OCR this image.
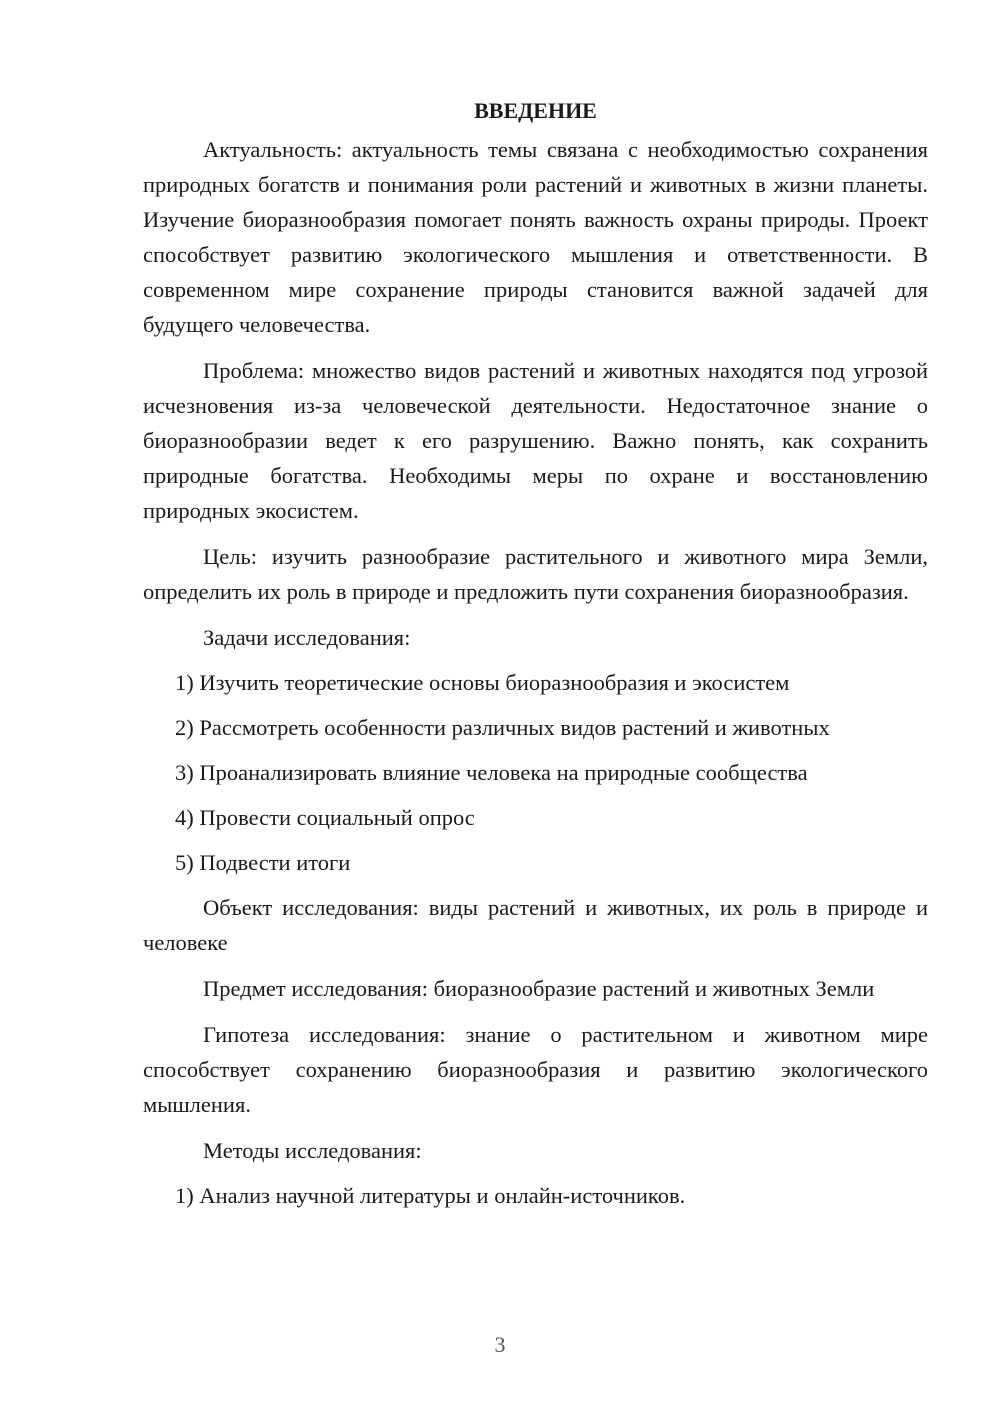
ВВЕДЕНИЕ

Актуальность: актуальность темы связана с необходимостью сохранения природных богатств и понимания роли растений и животных в жизни планеты. Изучение биоразнообразия помогает понять важность охраны природы. Проект способствует развитию экологического мышления и ответственности. В современном мире сохранение природы становится важной задачей для будущего человечества.

Проблема: множество видов растений и животных находятся под угрозой исчезновения из-за человеческой деятельности. Недостаточное знание о биоразнообразии ведет к его разрушению. Важно понять, как сохранить природные богатства. Необходимы меры по охране и восстановлению природных экосистем.

Цель: изучить разнообразие растительного и животного мира Земли, определить их роль в природе и предложить пути сохранения биоразнообразия.

Задачи исследования:

1) Изучить теоретические основы биоразнообразия и экосистем
2) Рассмотреть особенности различных видов растений и животных
3) Проанализировать влияние человека на природные сообщества
4) Провести социальный опрос
5) Подвести итоги

Объект исследования: виды растений и животных, их роль в природе и человеке

Предмет исследования: биоразнообразие растений и животных Земли

Гипотеза исследования: знание о растительном и животном мире способствует сохранению биоразнообразия и развитию экологического мышления.

Методы исследования:

1) Анализ научной литературы и онлайн-источников.
3
